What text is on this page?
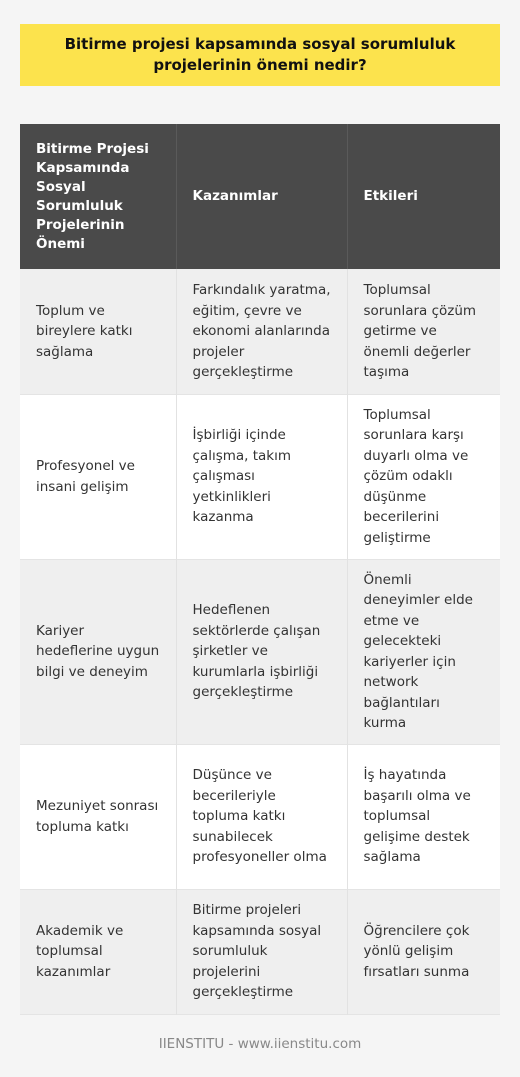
Bitirme projesi kapsamında sosyal sorumluluk projelerinin önemi nedir?
Bitirme Projesi Kapsamında Sosyal Sorumluluk Projelerinin Önemi	Kazanımlar	Etkileri
Toplum ve bireylere katkı sağlama	Farkındalık yaratma, eğitim, çevre ve ekonomi alanlarında projeler gerçekleştirme	Toplumsal sorunlara çözüm getirme ve önemli değerler taşıma
Profesyonel ve insani gelişim	İşbirliği içinde çalışma, takım çalışması yetkinlikleri kazanma	Toplumsal sorunlara karşı duyarlı olma ve çözüm odaklı düşünme becerilerini geliştirme
Kariyer hedeflerine uygun bilgi ve deneyim	Hedeflenen sektörlerde çalışan şirketler ve kurumlarla işbirliği gerçekleştirme	Önemli deneyimler elde etme ve gelecekteki kariyerler için network bağlantıları kurma
Mezuniyet sonrası topluma katkı	Düşünce ve becerileriyle topluma katkı sunabilecek profesyoneller olma	İş hayatında başarılı olma ve toplumsal gelişime destek sağlama
Akademik ve toplumsal kazanımlar	Bitirme projeleri kapsamında sosyal sorumluluk projelerini gerçekleştirme	Öğrencilere çok yönlü gelişim fırsatları sunma
IIENSTITU - www.iienstitu.com
